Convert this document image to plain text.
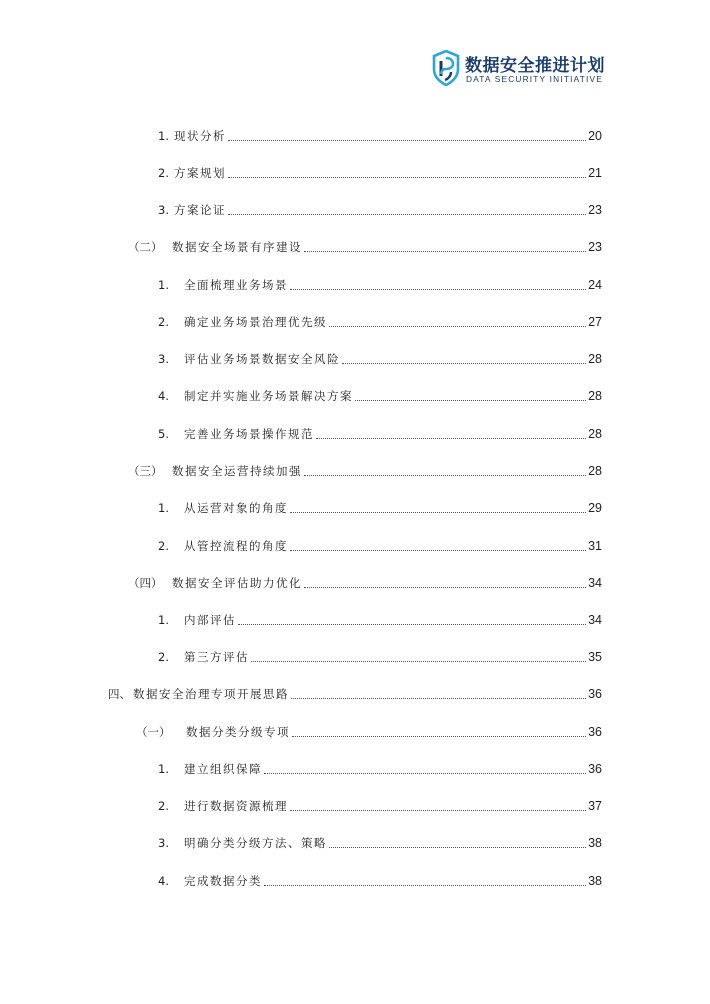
数据安全推进计划
DATA SECURITY INITIATIVE
1. 现状分析	20
2. 方案规划	21
3. 方案论证	23
（二） 数据安全场景有序建设	23
1.	全面梳理业务场景	24
2.	确定业务场景治理优先级	27
3.	评估业务场景数据安全风险	28
4.	制定并实施业务场景解决方案	28
5.	完善业务场景操作规范	28
（三） 数据安全运营持续加强	28
1.	从运营对象的角度	29
2.	从管控流程的角度	31
（四） 数据安全评估助力优化	34
1.	内部评估	34
2.	第三方评估	35
四、 数据安全治理专项开展思路	36
（一）	数据分类分级专项	36
1.	建立组织保障	36
2.	进行数据资源梳理	37
3.	明确分类分级方法、策略	38
4.	完成数据分类	38
